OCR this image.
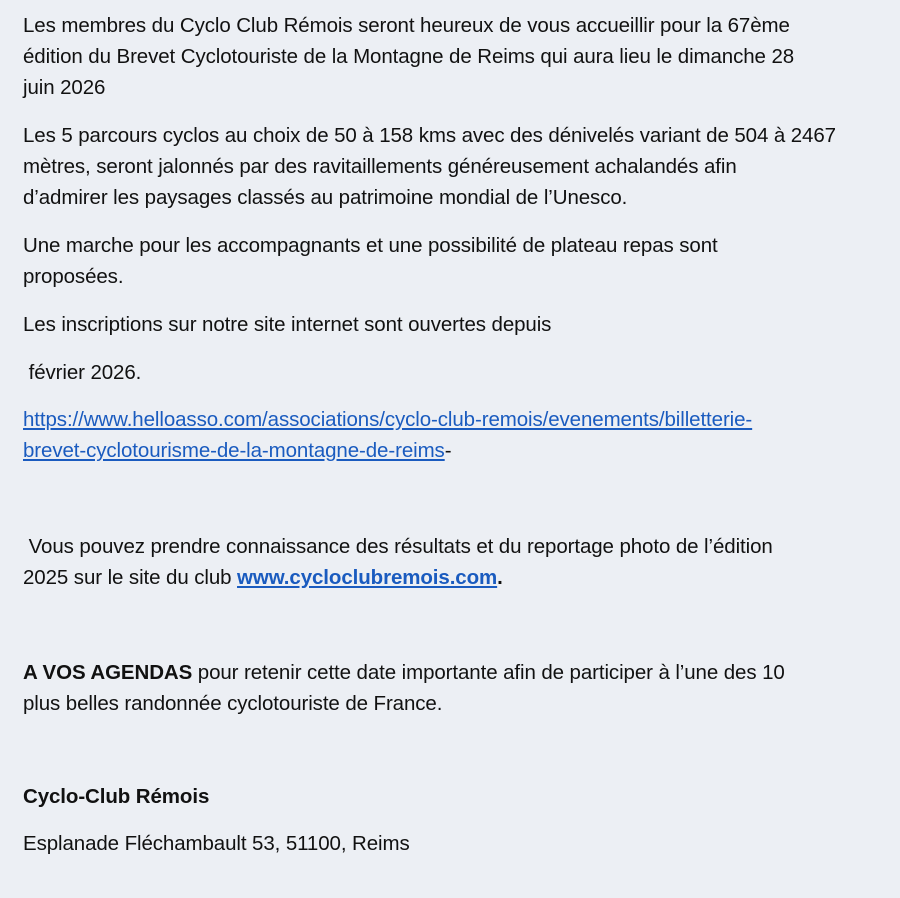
Les membres du Cyclo Club Rémois seront heureux de vous accueillir pour la 67ème

édition du Brevet Cyclotouriste de la Montagne de Reims qui aura lieu le dimanche 28

juin 2026

Les 5 parcours cyclos au choix de 50 à 158 kms avec des dénivelés variant de 504 à 2467

mètres, seront jalonnés par des ravitaillements généreusement achalandés afin

d’admirer les paysages classés au patrimoine mondial de l’Unesco.

Une marche pour les accompagnants et une possibilité de plateau repas sont

proposées.

Les inscriptions sur notre site internet sont ouvertes depuis

février 2026.

https://www.helloasso.com/associations/cyclo-club-remois/evenements/billetterie-

brevet-cyclotourisme-de-la-montagne-de-reims-

Vous pouvez prendre connaissance des résultats et du reportage photo de l’édition

2025 sur le site du club www.cycloclubremois.com.

A VOS AGENDAS pour retenir cette date importante afin de participer à l’une des 10

plus belles randonnée cyclotouriste de France.

Cyclo-Club Rémois

Esplanade Fléchambault 53, 51100, Reims
